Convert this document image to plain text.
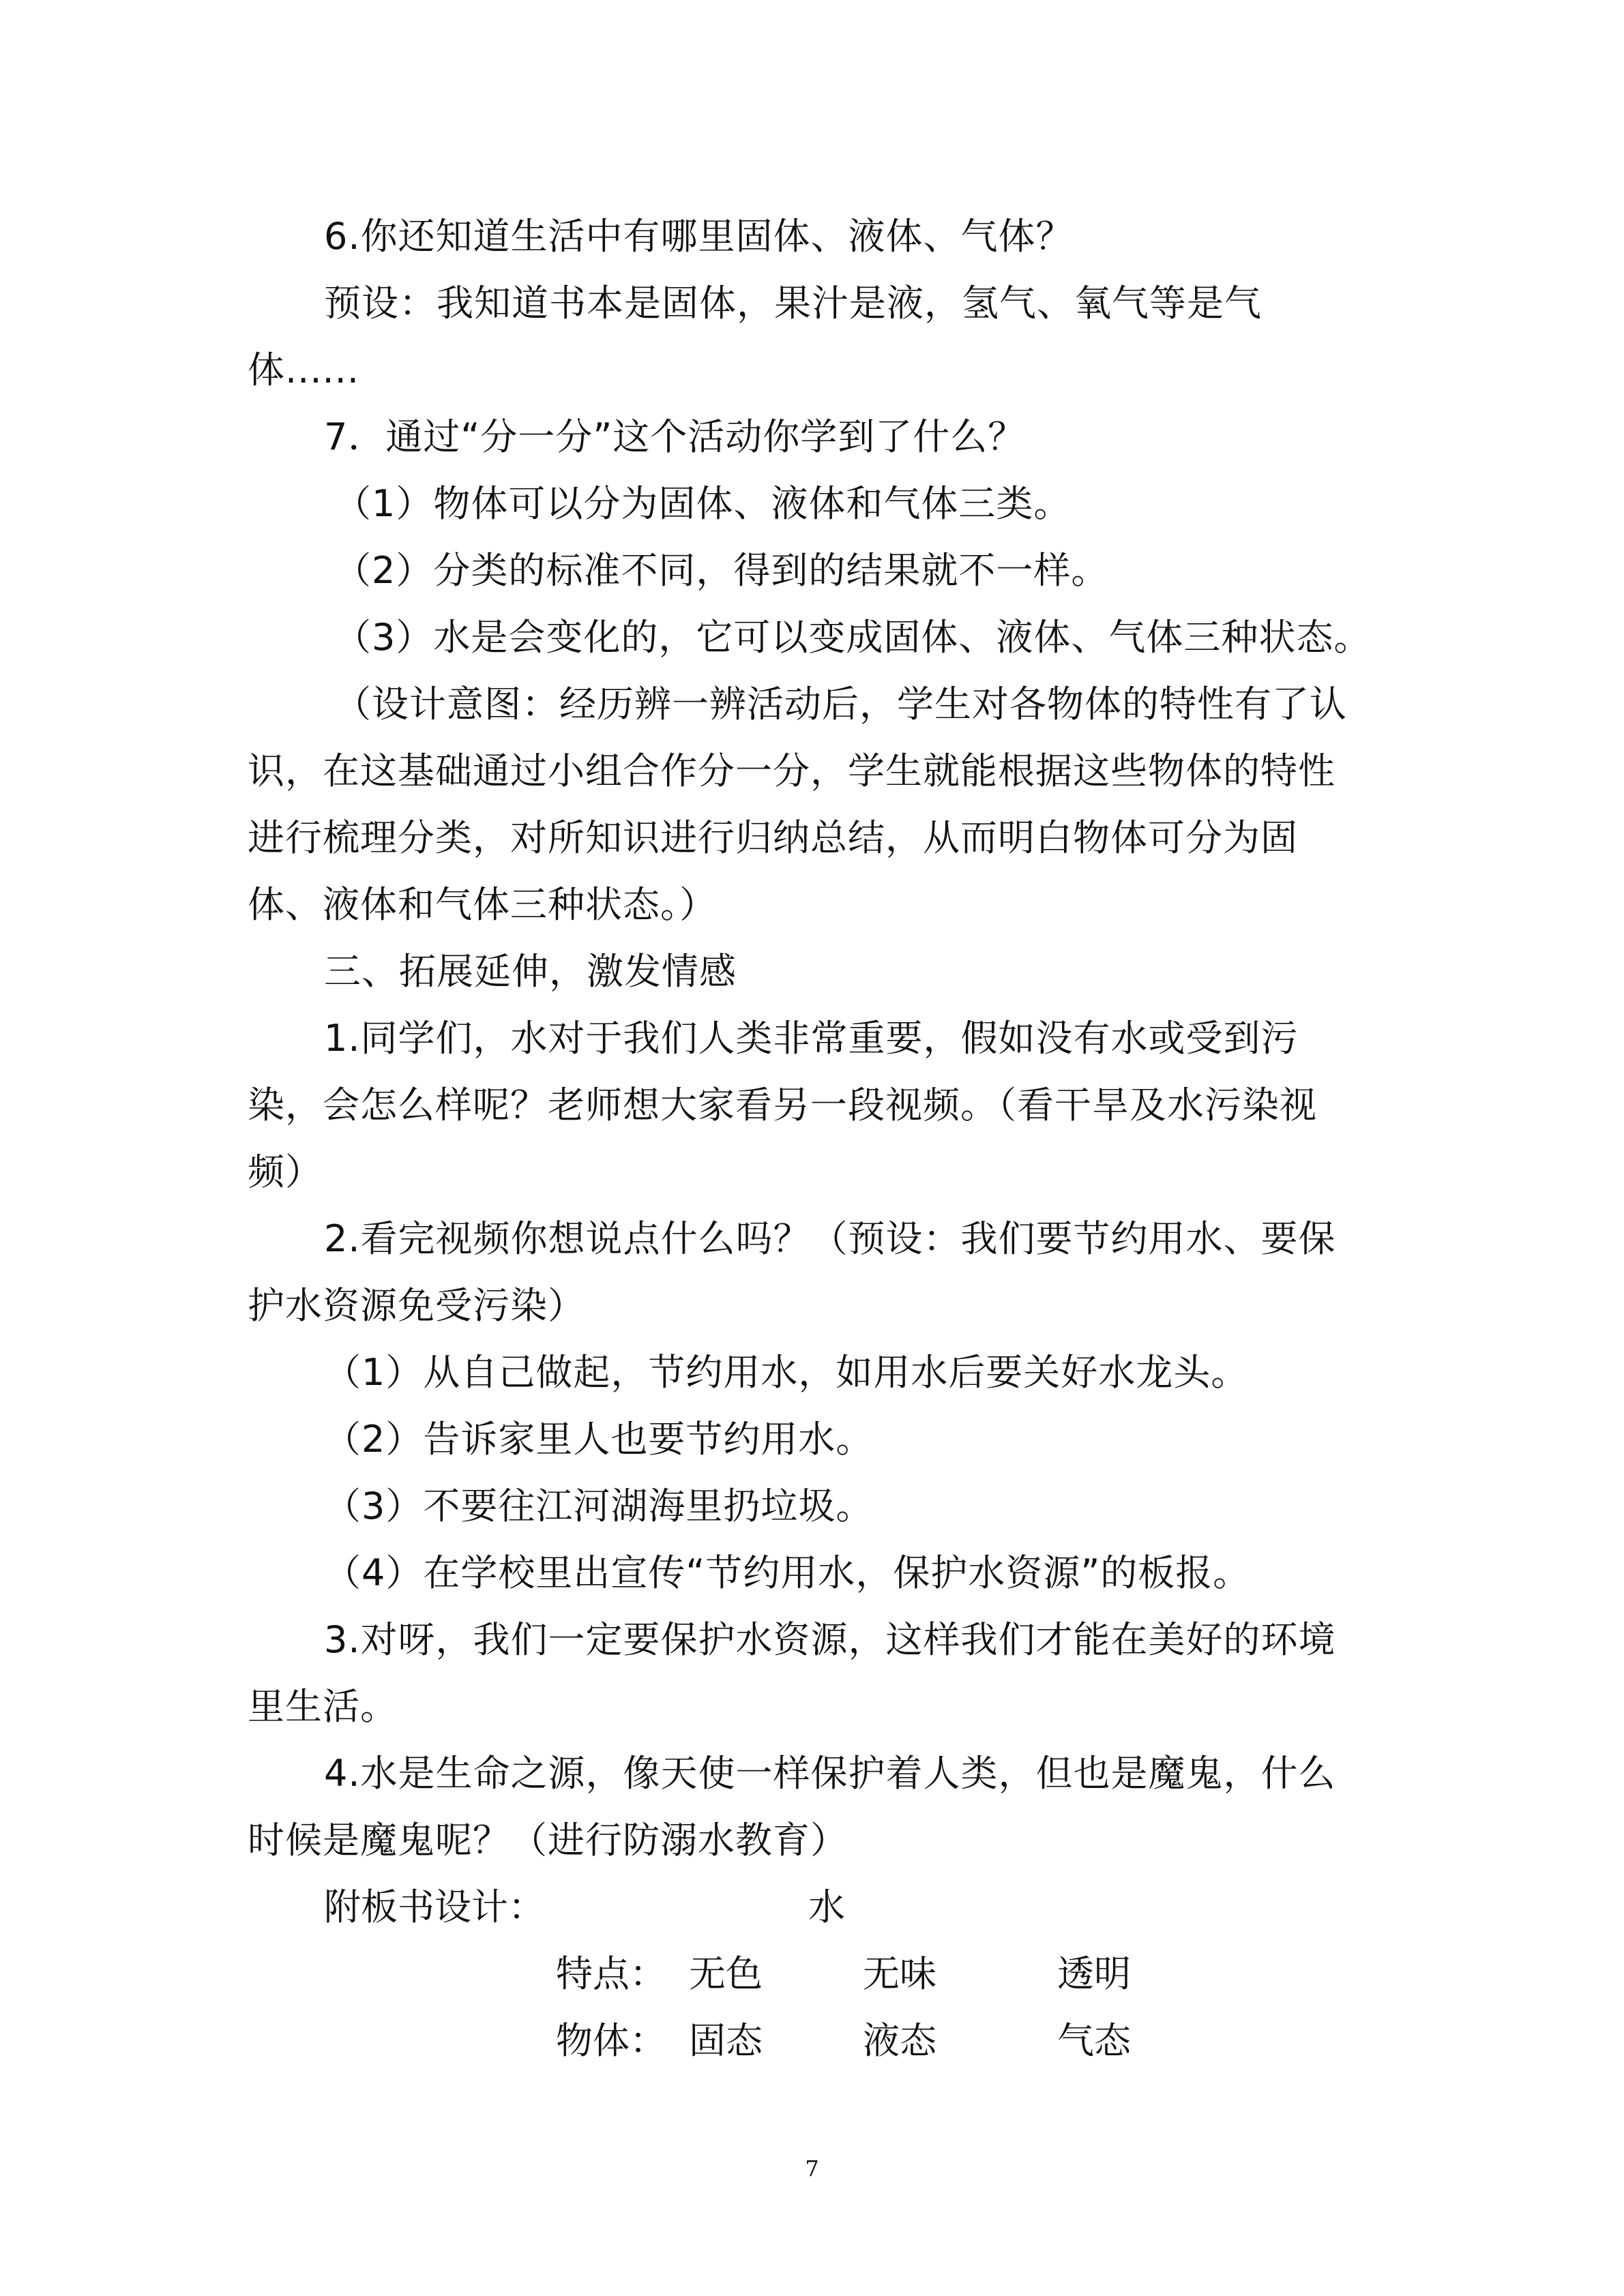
6.你还知道生活中有哪里固体、液体、气体？
预设：我知道书本是固体，果汁是液，氢气、氧气等是气
体......
7．通过“分一分”这个活动你学到了什么？
（1）物体可以分为固体、液体和气体三类。
（2）分类的标准不同，得到的结果就不一样。
（3）水是会变化的，它可以变成固体、液体、气体三种状态。
（设计意图：经历辨一辨活动后，学生对各物体的特性有了认
识，在这基础通过小组合作分一分，学生就能根据这些物体的特性
进行梳理分类，对所知识进行归纳总结，从而明白物体可分为固
体、液体和气体三种状态。）
三、拓展延伸，激发情感
1.同学们，水对于我们人类非常重要，假如没有水或受到污
染，会怎么样呢？老师想大家看另一段视频。（看干旱及水污染视
频）
2.看完视频你想说点什么吗？（预设：我们要节约用水、要保
护水资源免受污染）
（1）从自己做起，节约用水，如用水后要关好水龙头。
（2）告诉家里人也要节约用水。
（3）不要往江河湖海里扔垃圾。
（4）在学校里出宣传“节约用水，保护水资源”的板报。
3.对呀，我们一定要保护水资源，这样我们才能在美好的环境
里生活。
4.水是生命之源，像天使一样保护着人类，但也是魔鬼，什么
时候是魔鬼呢？（进行防溺水教育）
附板书设计：	水
特点： 无色	无味	透明
物体： 固态	液态	气态
7
